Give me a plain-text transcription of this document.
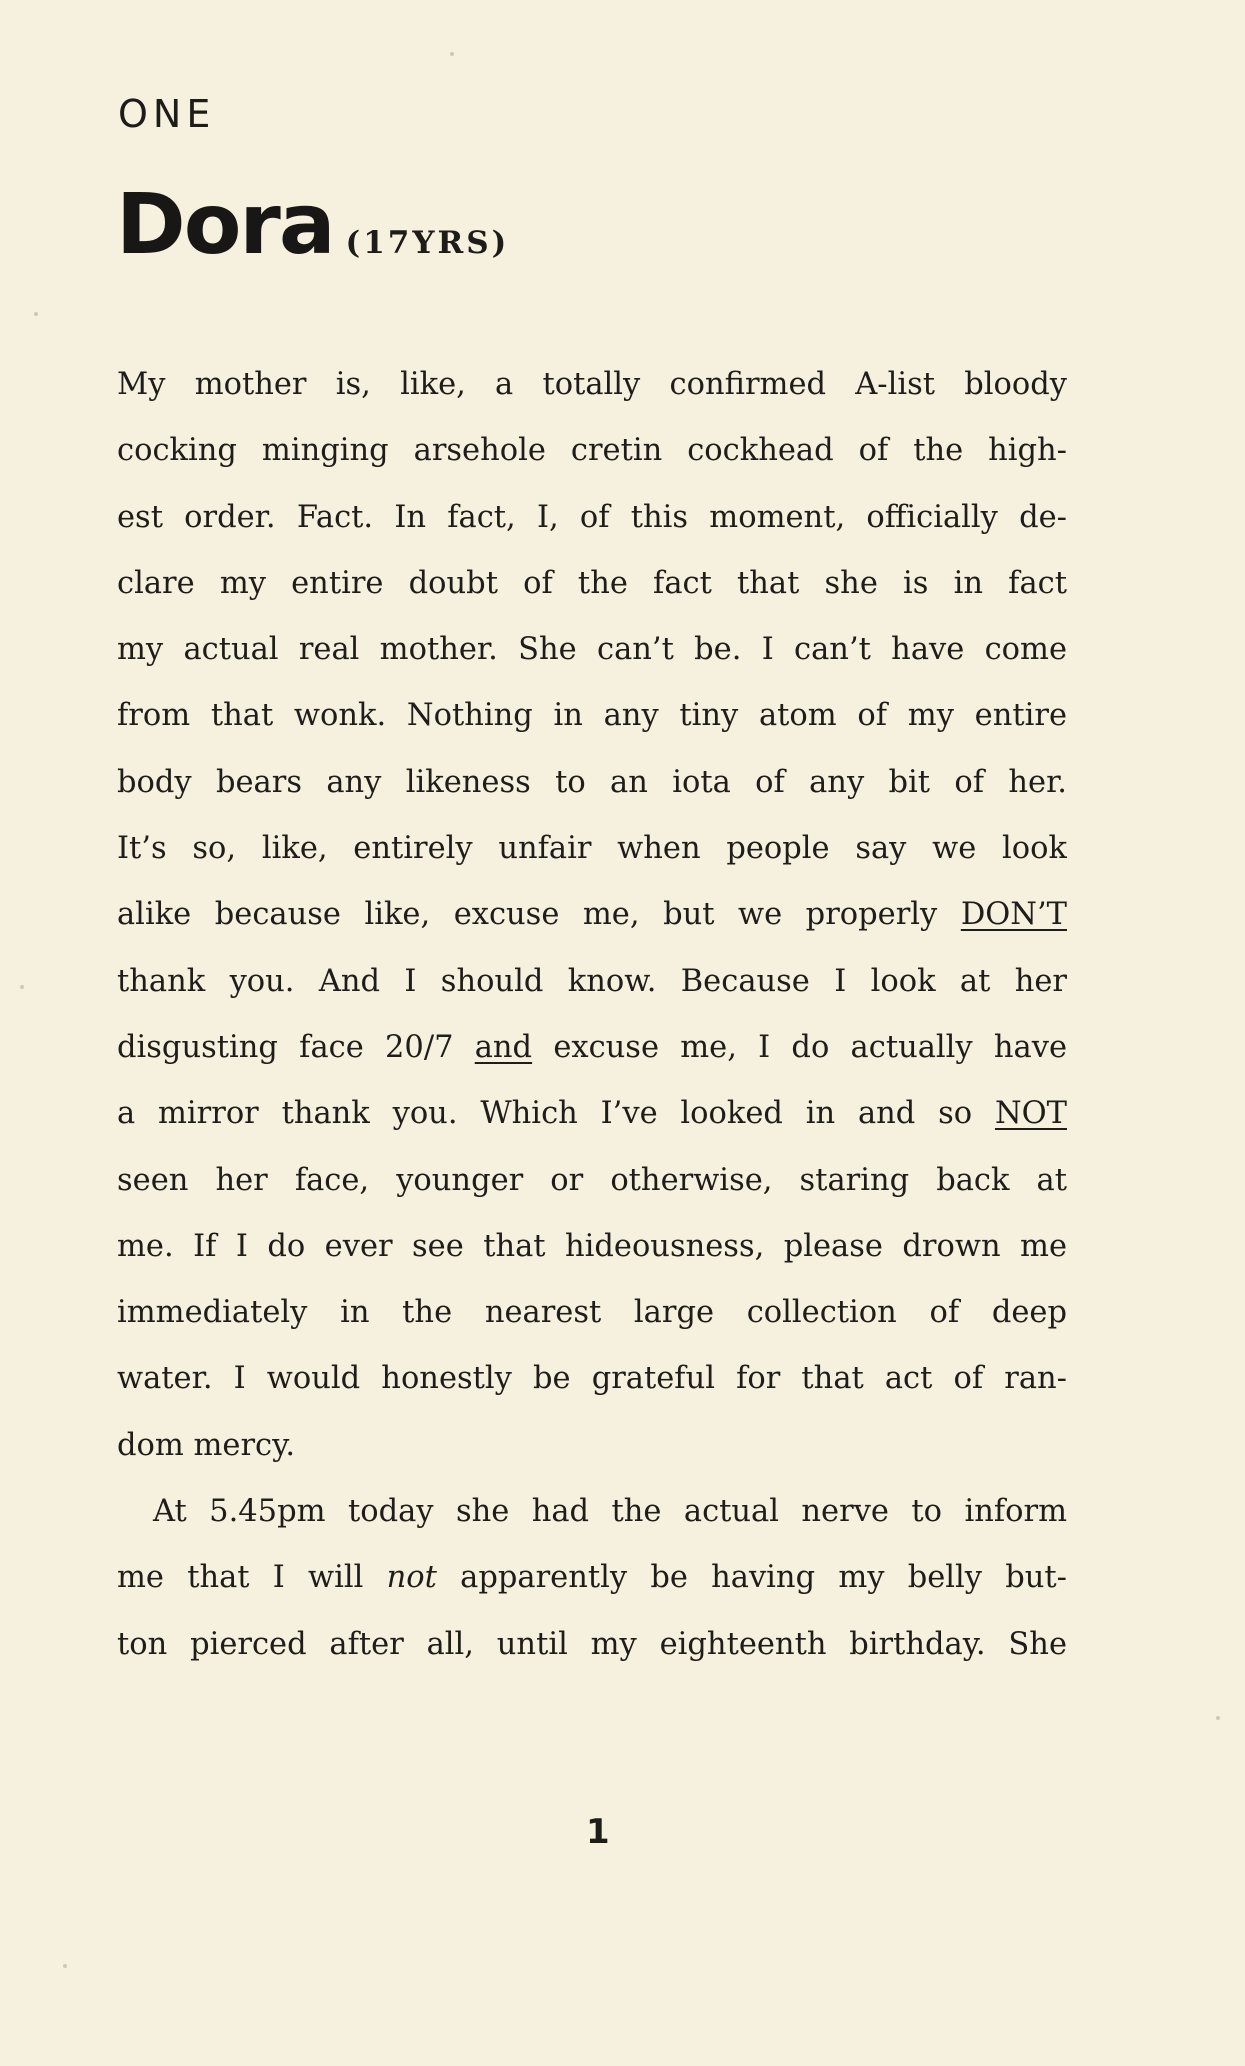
ONE
Dora (17YRS)
My mother is, like, a totally confirmed A-list bloody
cocking minging arsehole cretin cockhead of the high-
est order. Fact. In fact, I, of this moment, officially de-
clare my entire doubt of the fact that she is in fact
my actual real mother. She can’t be. I can’t have come
from that wonk. Nothing in any tiny atom of my entire
body bears any likeness to an iota of any bit of her.
It’s so, like, entirely unfair when people say we look
alike because like, excuse me, but we properly DON’T
thank you. And I should know. Because I look at her
disgusting face 20/7 and excuse me, I do actually have
a mirror thank you. Which I’ve looked in and so NOT
seen her face, younger or otherwise, staring back at
me. If I do ever see that hideousness, please drown me
immediately in the nearest large collection of deep
water. I would honestly be grateful for that act of ran-
dom mercy.
At 5.45pm today she had the actual nerve to inform
me that I will not apparently be having my belly but-
ton pierced after all, until my eighteenth birthday. She
1
